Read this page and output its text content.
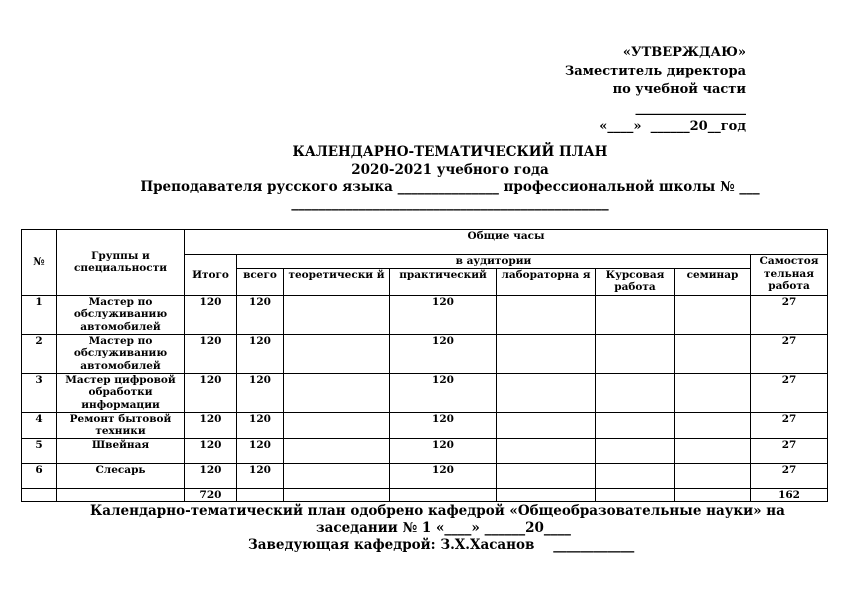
«УТВЕРЖДАЮ»
Заместитель директора
по учебной части
_________________
«____»  ______20__год
КАЛЕНДАРНО-ТЕМАТИЧЕСКИЙ ПЛАН
2020-2021 учебного года
Преподавателя русского языка _______________ профессиональной школы № ___
_______________________________________________
№	Группы и специальности	Общие часы							
		Итого	в аудитории						Самостоя тельная работа
			всего	теоретически й	практический	лабораторна я	Курсовая работа	семинар	
1	Мастер по обслуживанию автомобилей	120	120		120				27
2	Мастер по обслуживанию автомобилей	120	120		120				27
3	Мастер цифровой обработки информации	120	120		120				27
4	Ремонт бытовой техники	120	120		120				27
5	Швейная	120	120		120				27
6	Слесарь	120	120		120				27
		720							162
Календарно-тематический план одобрено кафедрой «Общеобразовательные науки» на
заседании № 1 «____» ______20____
Заведующая кафедрой: З.Х.Хасанов    ____________
